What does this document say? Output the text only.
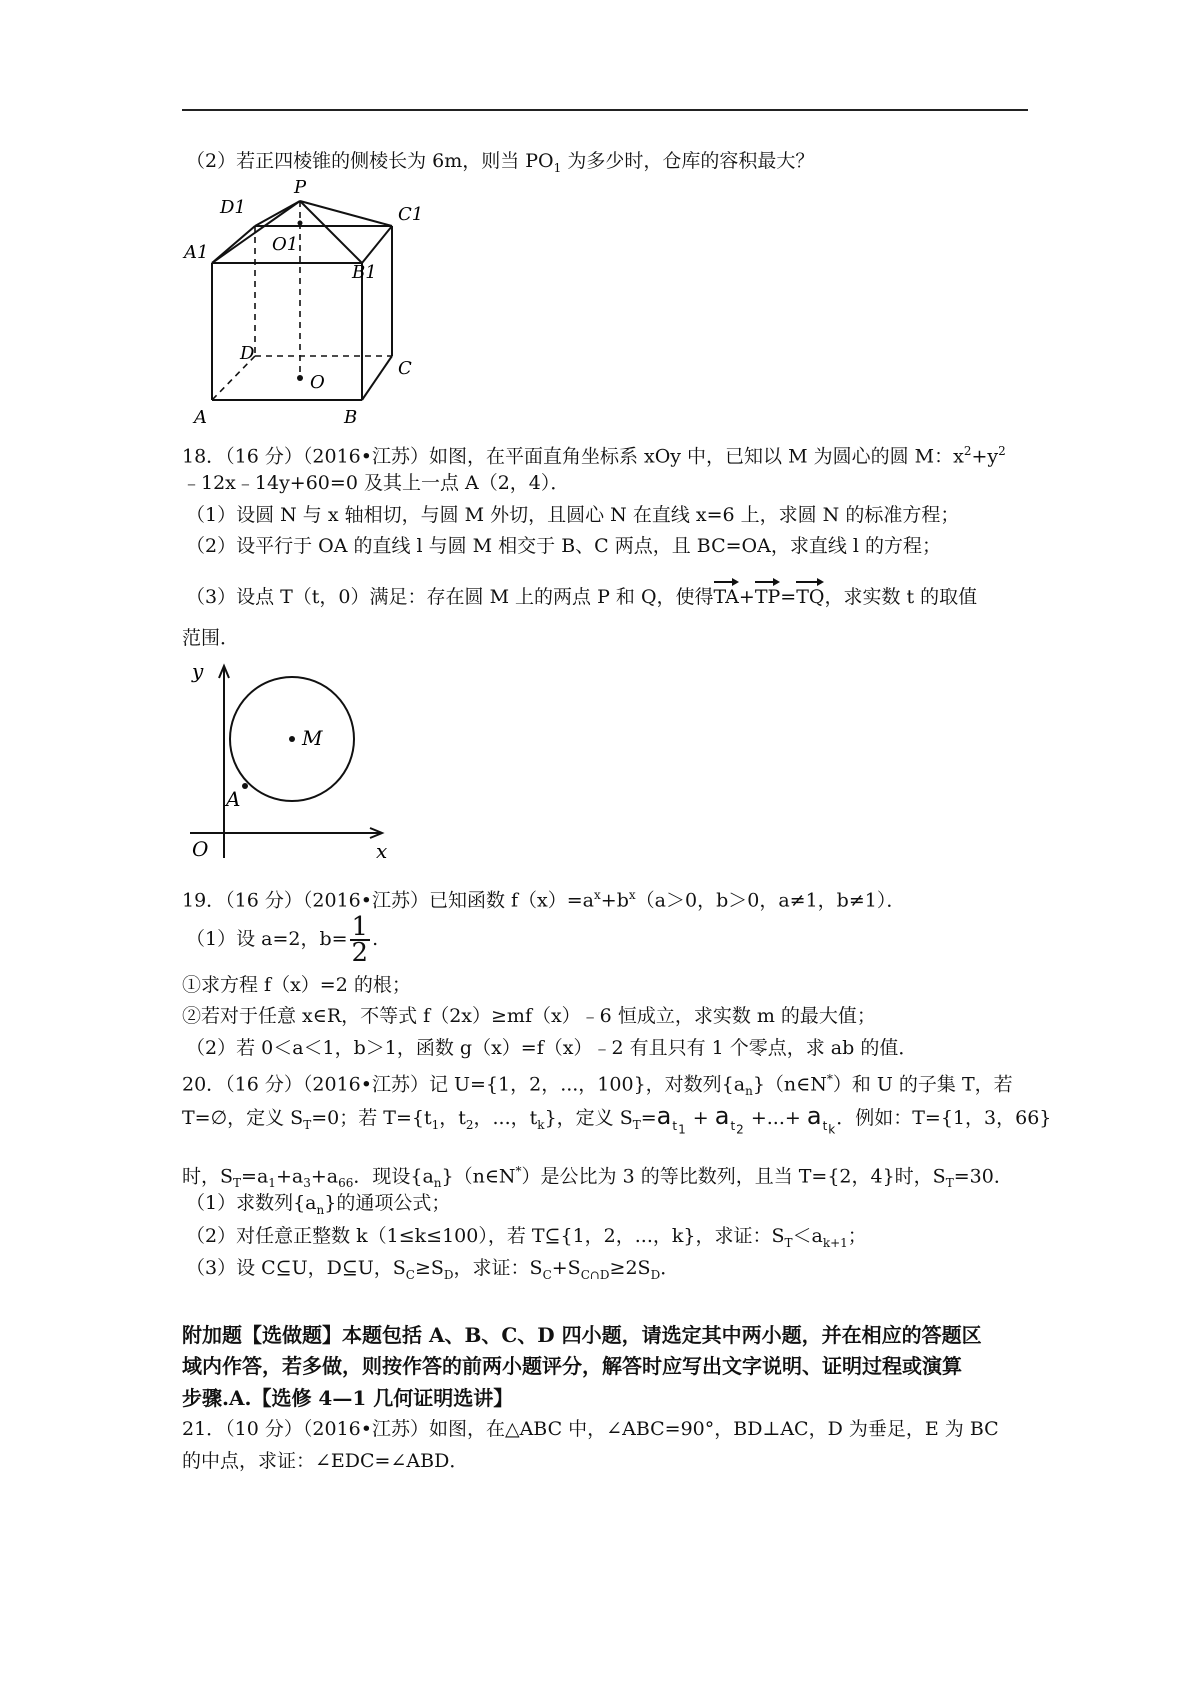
（2）若正四棱锥的侧棱长为 6m，则当 $PO_1$ 为多少时，仓库的容积最大？
P
D1	C1
A1	O1
B1
D
C
O
A	B
18．（16 分）（2016•江苏）如图，在平面直角坐标系 xOy 中，已知以 M 为圆心的圆 M：$x^2+y^2$
﹣12x﹣14y+60=0 及其上一点 A（2，4）．
（1）设圆 N 与 x 轴相切，与圆 M 外切，且圆心 N 在直线 x=6 上，求圆 N 的标准方程；
（2）设平行于 OA 的直线 l 与圆 M 相交于 B、C 两点，且 BC=OA，求直线 l 的方程；
（3）设点 T（t，0）满足：存在圆 M 上的两点 P 和 Q，使得TA+TP=TQ，求实数 t 的取值
范围．
y
x
O
M
A
19．（16 分）（2016•江苏）已知函数 $f(x)=a^x+b^x(a>0$，b＞0，a≠1，b≠1）．
（1）设 a=2，$b= \frac{1}{2}$ .
①求方程 f（x）=2 的根；
②若对于任意 x∈R，不等式 f（2x）≥mf（x）﹣6 恒成立，求实数 m 的最大值；
（2）若 0＜a＜1，b＞1，函数 g（x）=f（x）﹣2 有且只有 1 个零点，求 ab 的值．
20．（16 分）（2016•江苏）记 U={1，2，...，100}，对数列$\{a_n\}(n\in N^*)$和 U 的子集 T，若
T=∅，定义 $S_T=0$；若 $T=\{t_1$，$t_2$，...，$t_k$}，定义 $S_T=a_{t_1} + a_{t_2}$ +...+ $a_{t_k}$．例如：T={1，3，66}
时，$S_T=a_1+a_3+a_{66}$．现设$\{a_n\}(n\in N^*)$是公比为 3 的等比数列，且当 T={2，4}时，$S_T=30$．
（1）求数列$\{a_n\}$的通项公式；
（2）对任意正整数 k（1≤k≤100），若 T⊆{1，2，...，k}，求证：$S_T<a_{k+1}$；
（3）设 C⊆U，D⊆U，$S_C\ge S_D$，求证：$S_C+S_{C\cap D}\ge 2S_D$．
附加题【选做题】本题包括 A、B、C、D 四小题，请选定其中两小题，并在相应的答题区
域内作答，若多做，则按作答的前两小题评分，解答时应写出文字说明、证明过程或演算
步骤.A.【选修 4—1 几何证明选讲】
21．（10 分）（2016•江苏）如图，在△ABC 中，∠ABC=90°，BD⊥AC，D 为垂足，E 为 BC
的中点，求证：∠EDC=∠ABD．
